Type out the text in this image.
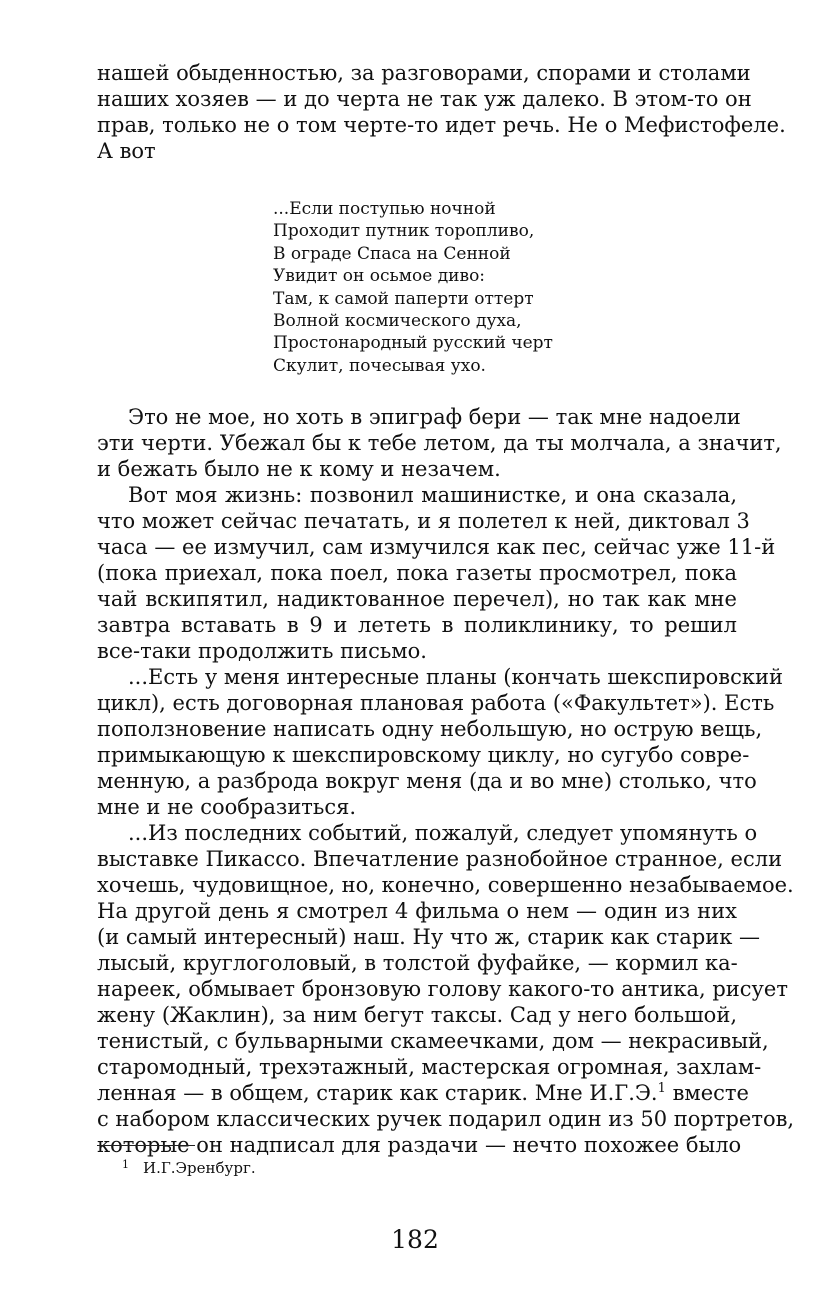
нашей обыденностью, за разговорами, спорами и столами
наших хозяев — и до черта не так уж далеко. В этом-то он
прав, только не о том черте-то идет речь. Не о Мефистофеле.
А вот
...Если поступью ночной
Проходит путник торопливо,
В ограде Спаса на Сенной
Увидит он осьмое диво:
Там, к самой паперти оттерт
Волной космического духа,
Простонародный русский черт
Скулит, почесывая ухо.
Это не мое, но хоть в эпиграф бери — так мне надоели
эти черти. Убежал бы к тебе летом, да ты молчала, а значит,
и бежать было не к кому и незачем.
Вот моя жизнь: позвонил машинистке, и она сказала,
что может сейчас печатать, и я полетел к ней, диктовал 3
часа — ее измучил, сам измучился как пес, сейчас уже 11-й
(пока приехал, пока поел, пока газеты просмотрел, пока
чай вскипятил, надиктованное перечел), но так как мне
завтра вставать в 9 и лететь в поликлинику, то решил
все-таки продолжить письмо.
...Есть у меня интересные планы (кончать шекспировский
цикл), есть договорная плановая работа («Факультет»). Есть
поползновение написать одну небольшую, но острую вещь,
примыкающую к шекспировскому циклу, но сугубо совре-
менную, а разброда вокруг меня (да и во мне) столько, что
мне и не сообразиться.
...Из последних событий, пожалуй, следует упомянуть о
выставке Пикассо. Впечатление разнобойное странное, если
хочешь, чудовищное, но, конечно, совершенно незабываемое.
На другой день я смотрел 4 фильма о нем — один из них
(и самый интересный) наш. Ну что ж, старик как старик —
лысый, круглоголовый, в толстой фуфайке, — кормил ка-
нареек, обмывает бронзовую голову какого-то антика, рисует
жену (Жаклин), за ним бегут таксы. Сад у него большой,
тенистый, с бульварными скамеечками, дом — некрасивый,
старомодный, трехэтажный, мастерская огромная, захлам-
ленная — в общем, старик как старик. Мне И.Г.Э.$^1$ вместе
с набором классических ручек подарил один из 50 портретов,
которые он надписал для раздачи — нечто похожее было
$^1$ И.Г.Эренбург.
182
